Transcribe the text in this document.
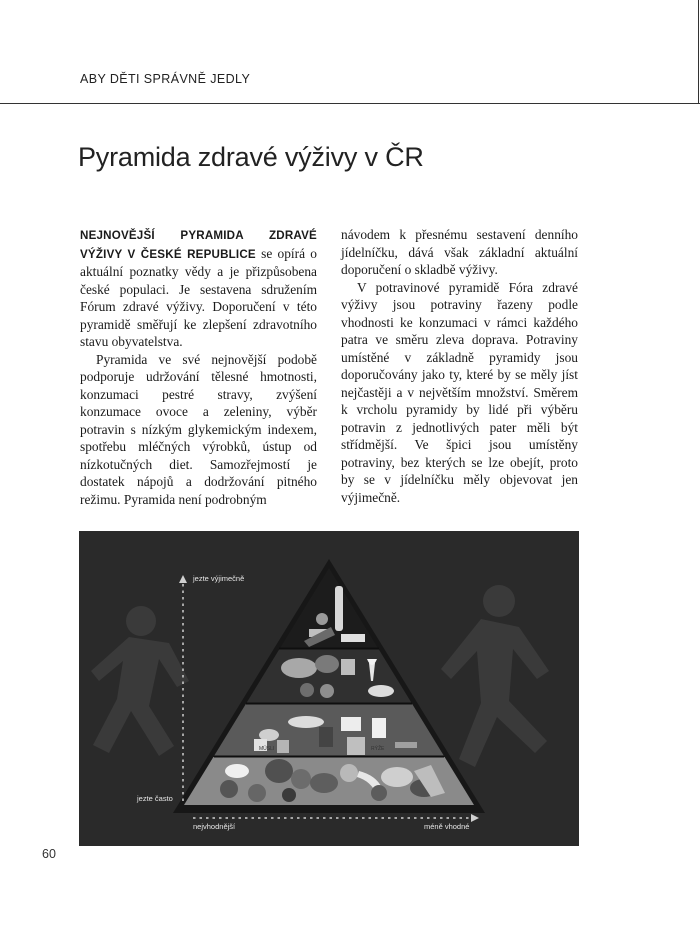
ABY DĚTI SPRÁVNĚ JEDLY
Pyramida zdravé výživy v ČR

NEJNOVĚJŠÍ PYRAMIDA ZDRAVÉ VÝŽIVY V ČESKÉ REPUBLICE se opírá o aktuální poznatky vědy a je přizpůsobena české populaci. Je sestavena sdružením Fórum zdravé výživy. Doporučení v této pyramidě směřují ke zlepšení zdravotního stavu obyvatelstva.

Pyramida ve své nejnovější podobě podporuje udržování tělesné hmotnosti, konzumaci pestré stravy, zvýšení konzumace ovoce a zeleniny, výběr potravin s nízkým glykemickým indexem, spotřebu mléčných výrobků, ústup od nízkotučných diet. Samozřejmostí je dostatek nápojů a dodržování pitného režimu. Pyramida není podrobným

návodem k přesnému sestavení denního jídelníčku, dává však základní aktuální doporučení o skladbě výživy.

V potravinové pyramidě Fóra zdravé výživy jsou potraviny řazeny podle vhodnosti ke konzumaci v rámci každého patra ve směru zleva doprava. Potraviny umístěné v základně pyramidy jsou doporučovány jako ty, které by se měly jíst nejčastěji a v největším množství. Směrem k vrcholu pyramidy by lidé při výběru potravin z jednotlivých pater měli být střídmější. Ve špici jsou umístěny potraviny, bez kterých se lze obejít, proto by se v jídelníčku měly objevovat jen výjimečně.

MÜSLI	RÝŽE
jezte výjimečně
jezte často
nejvhodnější	méně vhodné
60
